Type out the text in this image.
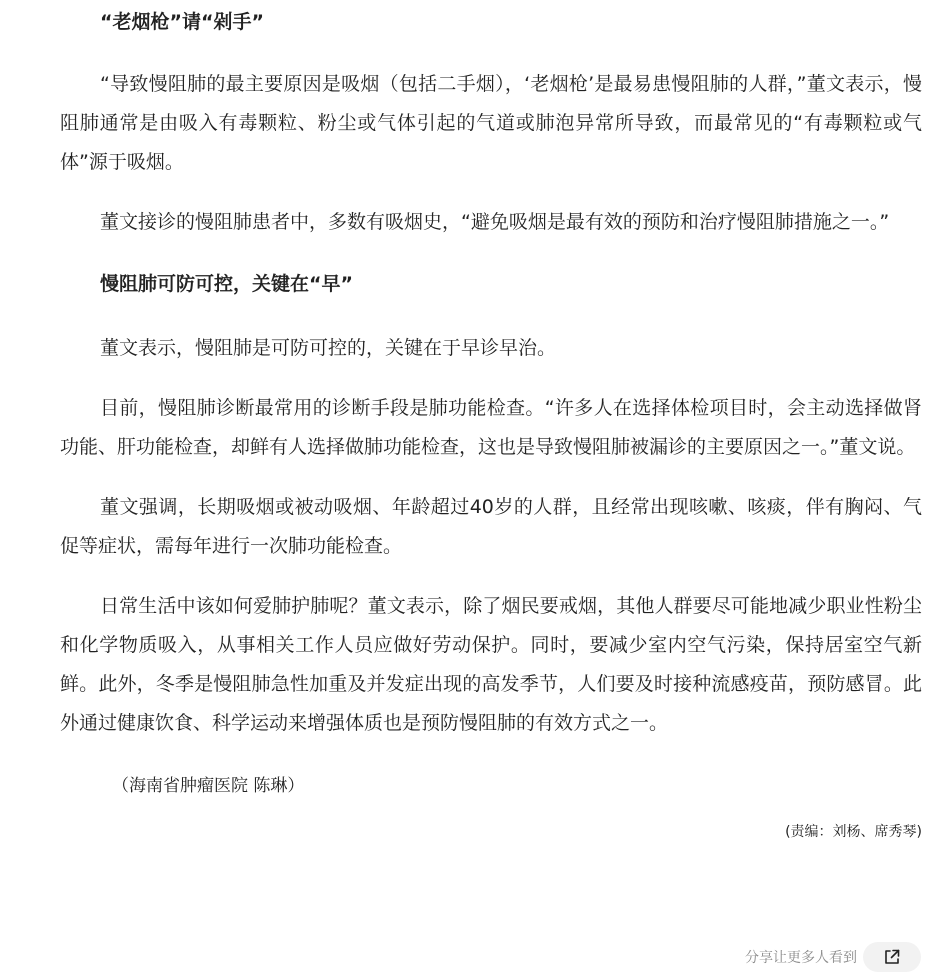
“老烟枪”请“剁手”

“导致慢阻肺的最主要原因是吸烟（包括二手烟），‘老烟枪’是最易患慢阻肺的人群，”董文表示，慢阻肺通常是由吸入有毒颗粒、粉尘或气体引起的气道或肺泡异常所导致，而最常见的“有毒颗粒或气体”源于吸烟。

董文接诊的慢阻肺患者中，多数有吸烟史，“避免吸烟是最有效的预防和治疗慢阻肺措施之一。”

慢阻肺可防可控，关键在“早”

董文表示，慢阻肺是可防可控的，关键在于早诊早治。

目前，慢阻肺诊断最常用的诊断手段是肺功能检查。“许多人在选择体检项目时，会主动选择做肾功能、肝功能检查，却鲜有人选择做肺功能检查，这也是导致慢阻肺被漏诊的主要原因之一。”董文说。

董文强调，长期吸烟或被动吸烟、年龄超过40岁的人群，且经常出现咳嗽、咳痰，伴有胸闷、气促等症状，需每年进行一次肺功能检查。

日常生活中该如何爱肺护肺呢？董文表示，除了烟民要戒烟，其他人群要尽可能地减少职业性粉尘和化学物质吸入，从事相关工作人员应做好劳动保护。同时，要减少室内空气污染，保持居室空气新鲜。此外，冬季是慢阻肺急性加重及并发症出现的高发季节，人们要及时接种流感疫苗，预防感冒。此外通过健康饮食、科学运动来增强体质也是预防慢阻肺的有效方式之一。

（海南省肿瘤医院 陈琳）

(责编：刘杨、席秀琴)

分享让更多人看到
